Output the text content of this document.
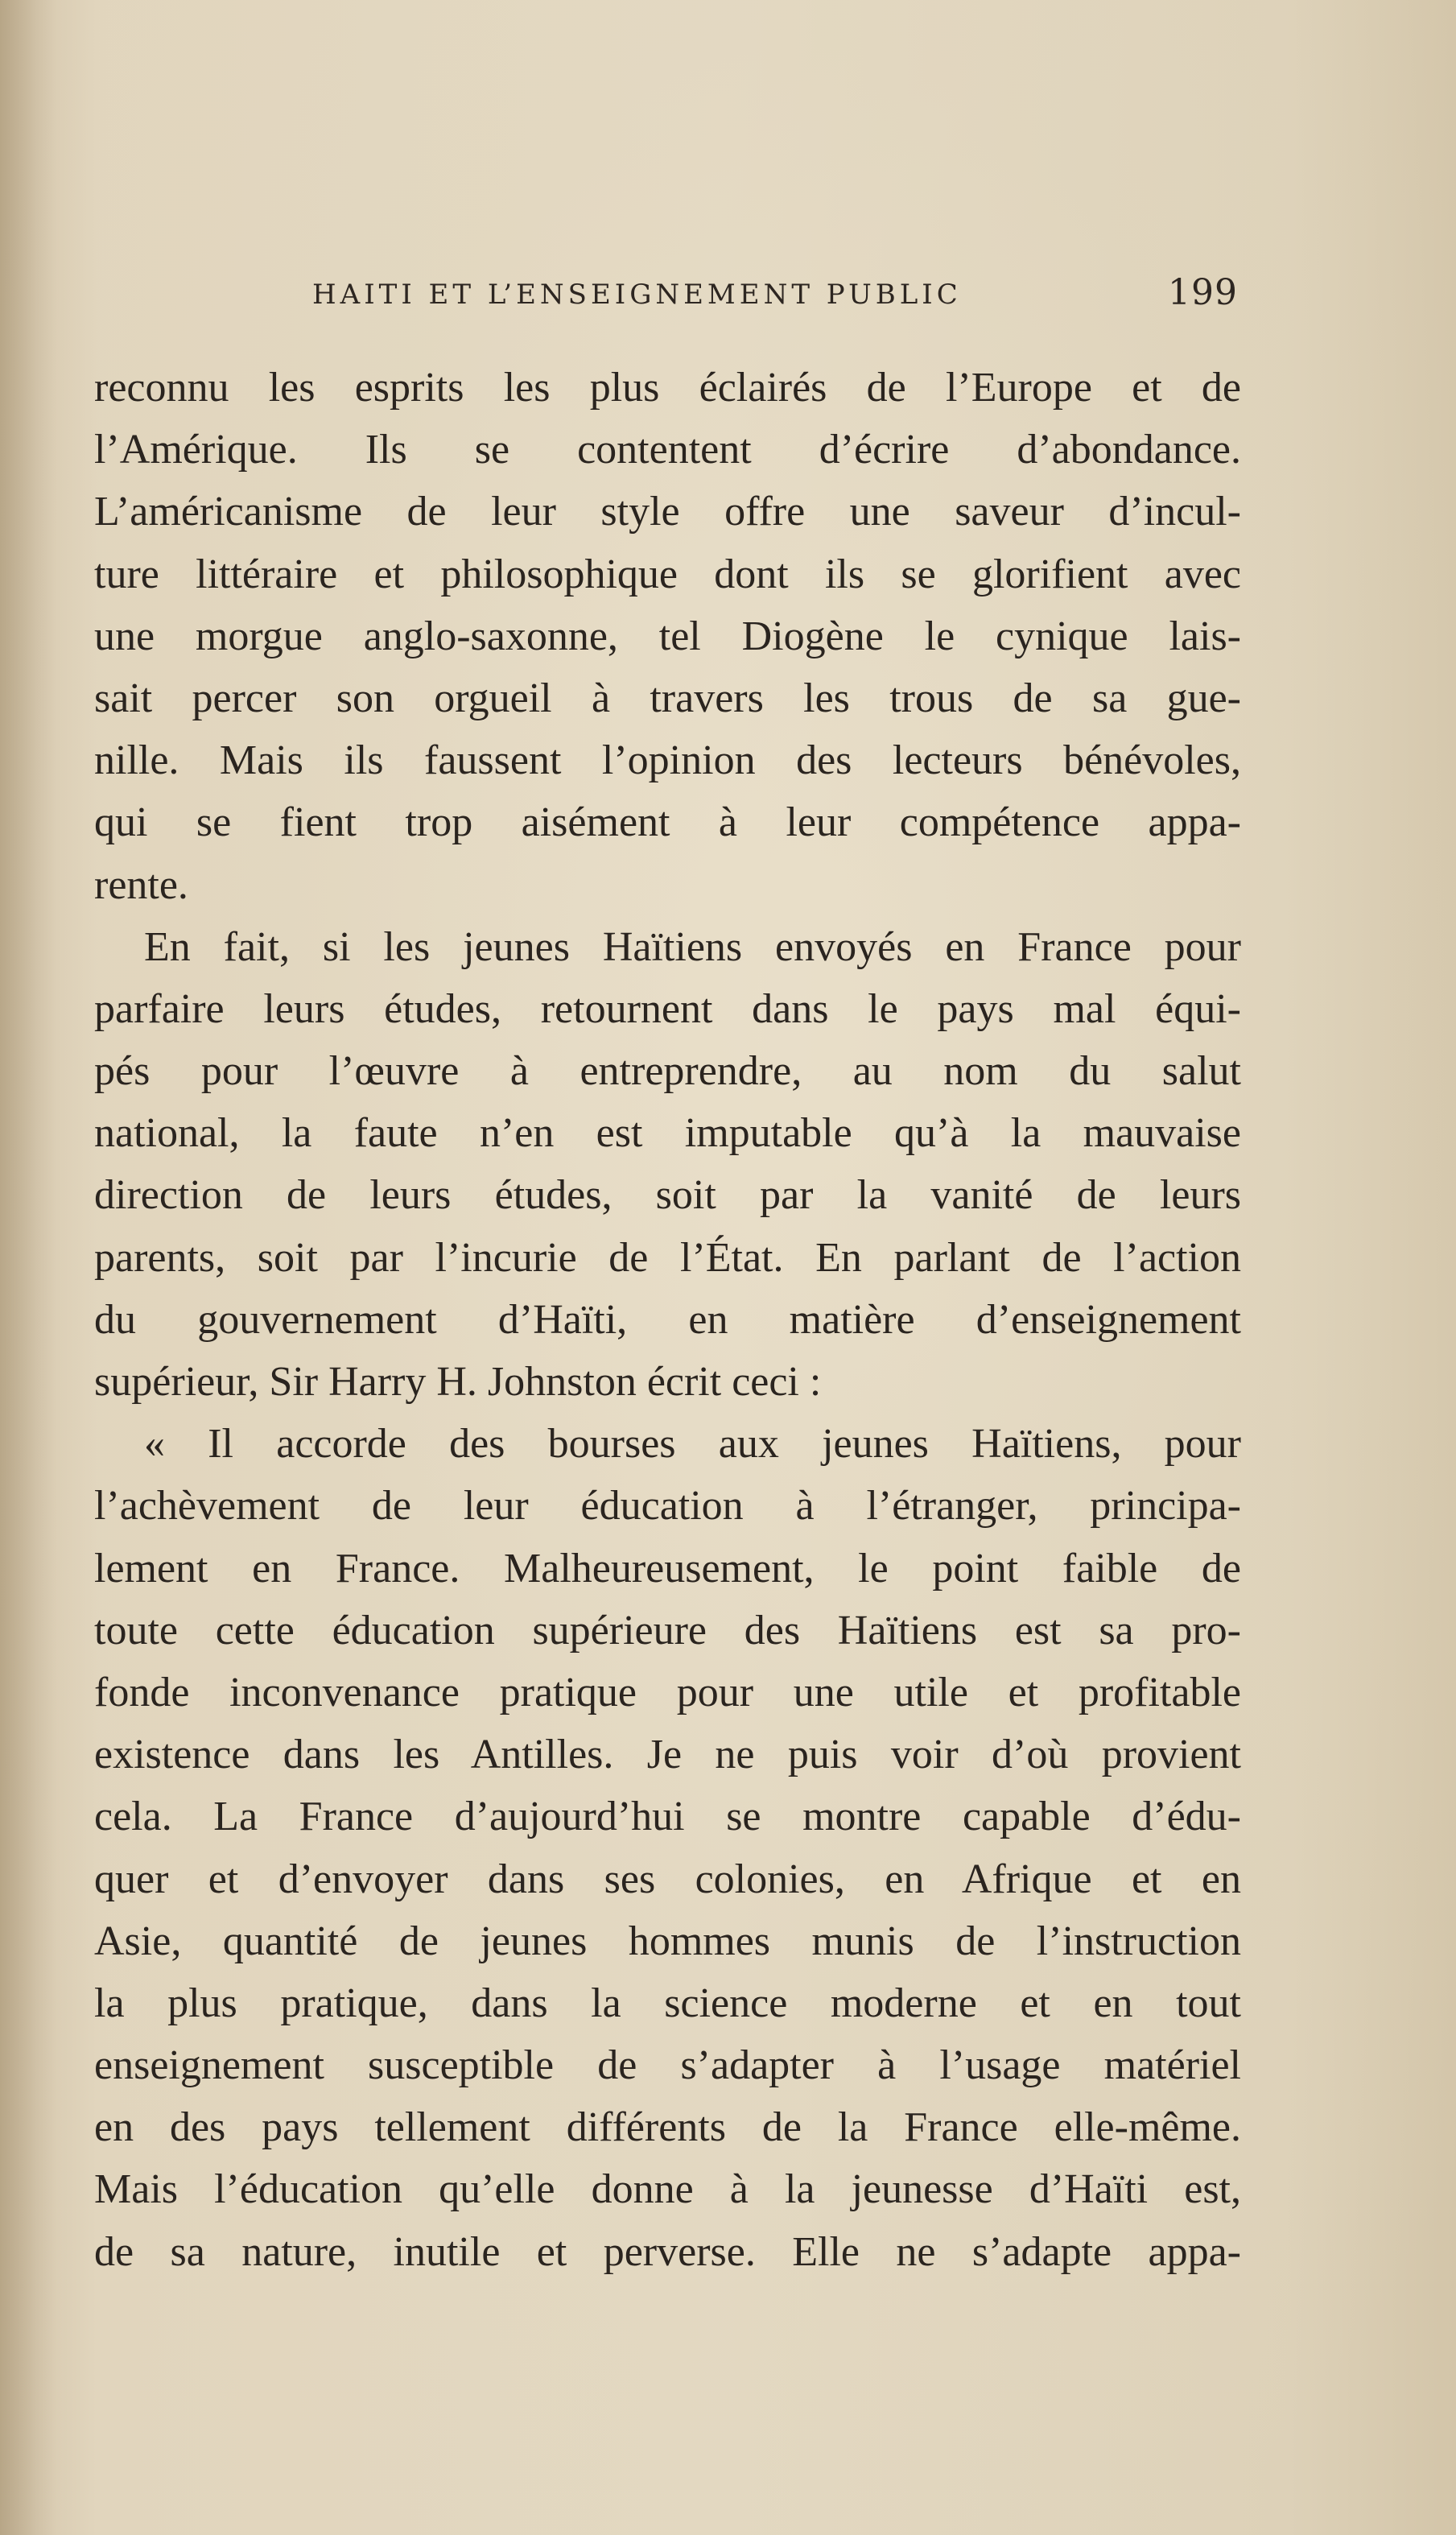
HAITI ET L’ENSEIGNEMENT PUBLIC	199
reconnu les esprits les plus éclairés de l’Europe et de
l’Amérique. Ils se contentent d’écrire d’abondance.
L’américanisme de leur style offre une saveur d’incul-
ture littéraire et philosophique dont ils se glorifient avec
une morgue anglo-saxonne, tel Diogène le cynique lais-
sait percer son orgueil à travers les trous de sa gue-
nille. Mais ils faussent l’opinion des lecteurs bénévoles,
qui se fient trop aisément à leur compétence appa-
rente.
En fait, si les jeunes Haïtiens envoyés en France pour
parfaire leurs études, retournent dans le pays mal équi-
pés pour l’œuvre à entreprendre, au nom du salut
national, la faute n’en est imputable qu’à la mauvaise
direction de leurs études, soit par la vanité de leurs
parents, soit par l’incurie de l’État. En parlant de l’action
du gouvernement d’Haïti, en matière d’enseignement
supérieur, Sir Harry H. Johnston écrit ceci :
« Il accorde des bourses aux jeunes Haïtiens, pour
l’achèvement de leur éducation à l’étranger, principa-
lement en France. Malheureusement, le point faible de
toute cette éducation supérieure des Haïtiens est sa pro-
fonde inconvenance pratique pour une utile et profitable
existence dans les Antilles. Je ne puis voir d’où provient
cela. La France d’aujourd’hui se montre capable d’édu-
quer et d’envoyer dans ses colonies, en Afrique et en
Asie, quantité de jeunes hommes munis de l’instruction
la plus pratique, dans la science moderne et en tout
enseignement susceptible de s’adapter à l’usage matériel
en des pays tellement différents de la France elle-même.
Mais l’éducation qu’elle donne à la jeunesse d’Haïti est,
de sa nature, inutile et perverse. Elle ne s’adapte appa-
